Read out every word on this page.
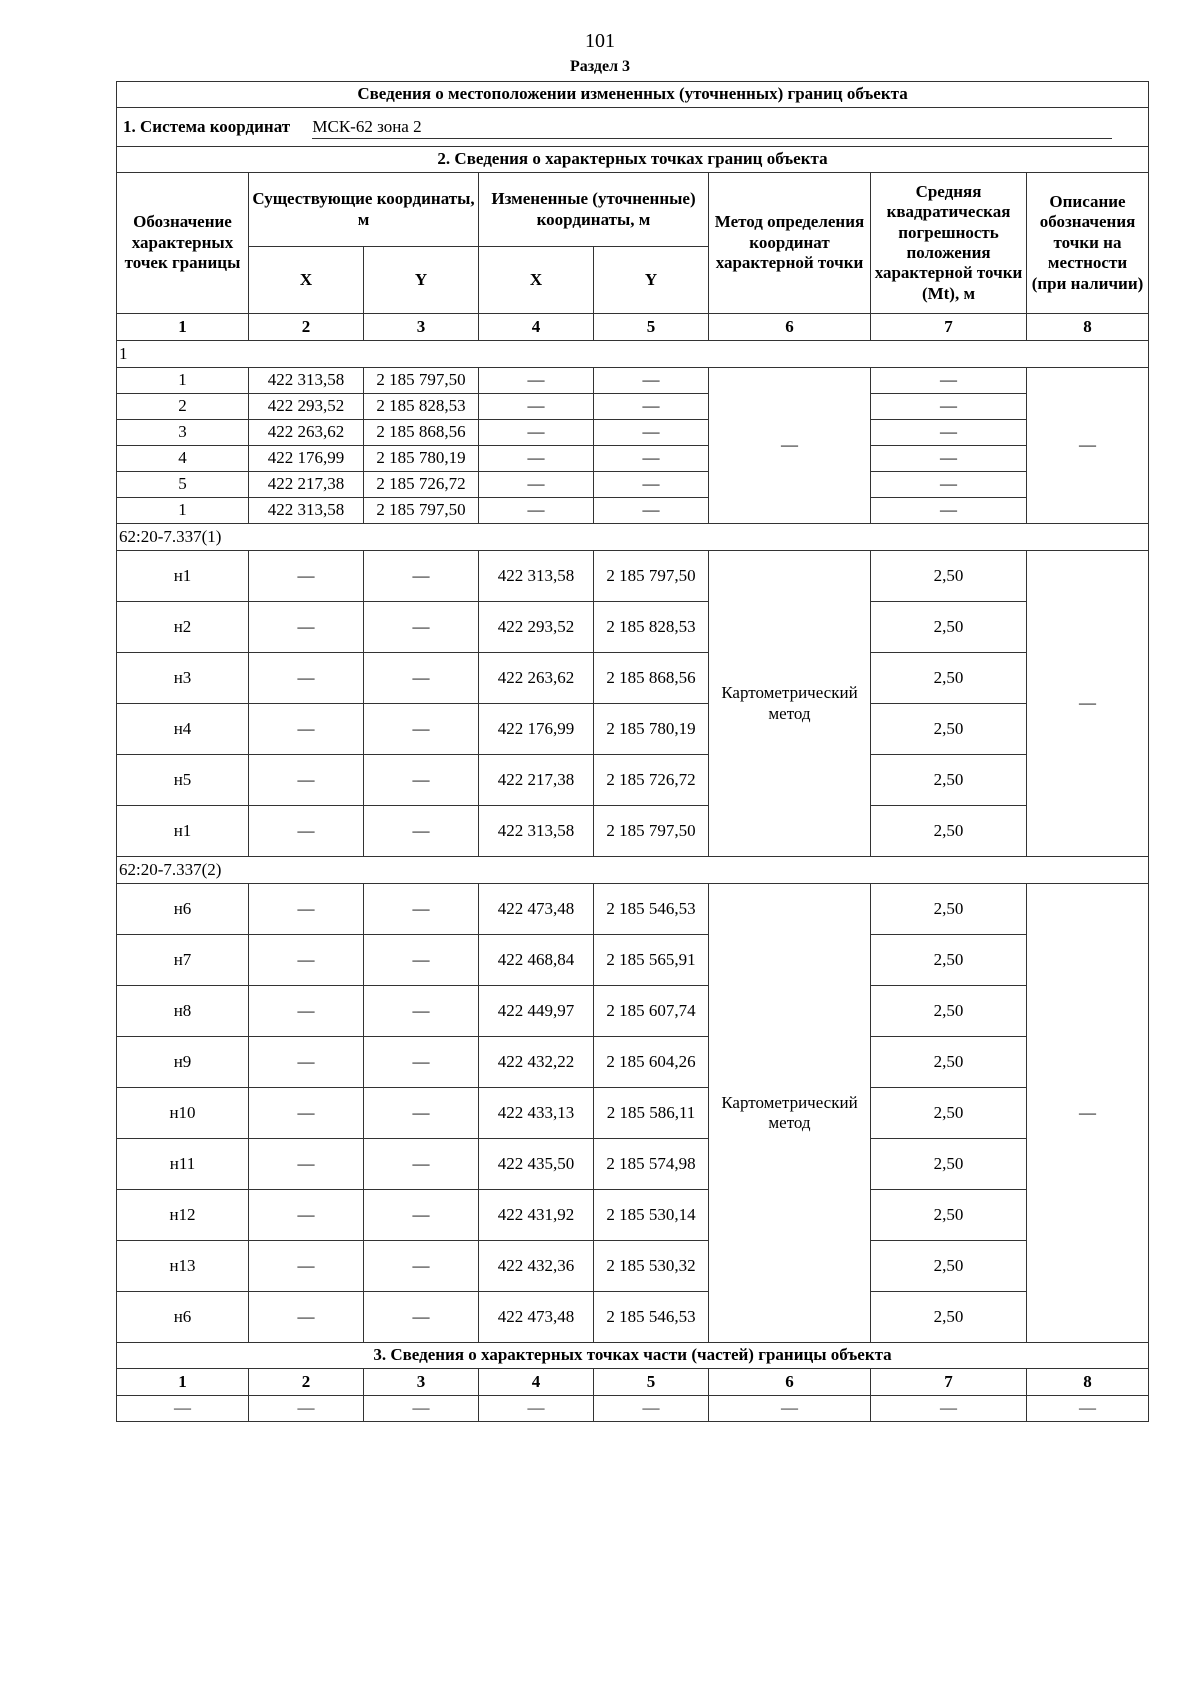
101
Раздел 3
Сведения о местоположении измененных (уточненных) границ объекта							
1. Система координат МСК-62 зона 2							
2. Сведения о характерных точках границ объекта							
Обозначение характерных точек границы	Существующие координаты, м		Измененные (уточненные) координаты, м		Метод определения координат характерной точки	Средняя квадратическая погрешность положения характерной точки (Mt), м	Описание обозначения точки на местности (при наличии)
	X	Y	X	Y			
1	2	3	4	5	6	7	8
1							
1	422 313,58	2 185 797,50	—	—	—	—	—
2	422 293,52	2 185 828,53	—	—		—	
3	422 263,62	2 185 868,56	—	—		—	
4	422 176,99	2 185 780,19	—	—		—	
5	422 217,38	2 185 726,72	—	—		—	
1	422 313,58	2 185 797,50	—	—		—	
62:20-7.337(1)							
н1	—	—	422 313,58	2 185 797,50	Картометрический метод	2,50	—
н2	—	—	422 293,52	2 185 828,53		2,50	
н3	—	—	422 263,62	2 185 868,56		2,50	
н4	—	—	422 176,99	2 185 780,19		2,50	
н5	—	—	422 217,38	2 185 726,72		2,50	
н1	—	—	422 313,58	2 185 797,50		2,50	
62:20-7.337(2)							
н6	—	—	422 473,48	2 185 546,53	Картометрический метод	2,50	—
н7	—	—	422 468,84	2 185 565,91		2,50	
н8	—	—	422 449,97	2 185 607,74		2,50	
н9	—	—	422 432,22	2 185 604,26		2,50	
н10	—	—	422 433,13	2 185 586,11		2,50	
н11	—	—	422 435,50	2 185 574,98		2,50	
н12	—	—	422 431,92	2 185 530,14		2,50	
н13	—	—	422 432,36	2 185 530,32		2,50	
н6	—	—	422 473,48	2 185 546,53		2,50	
3. Сведения о характерных точках части (частей) границы объекта							
1	2	3	4	5	6	7	8
—	—	—	—	—	—	—	—
